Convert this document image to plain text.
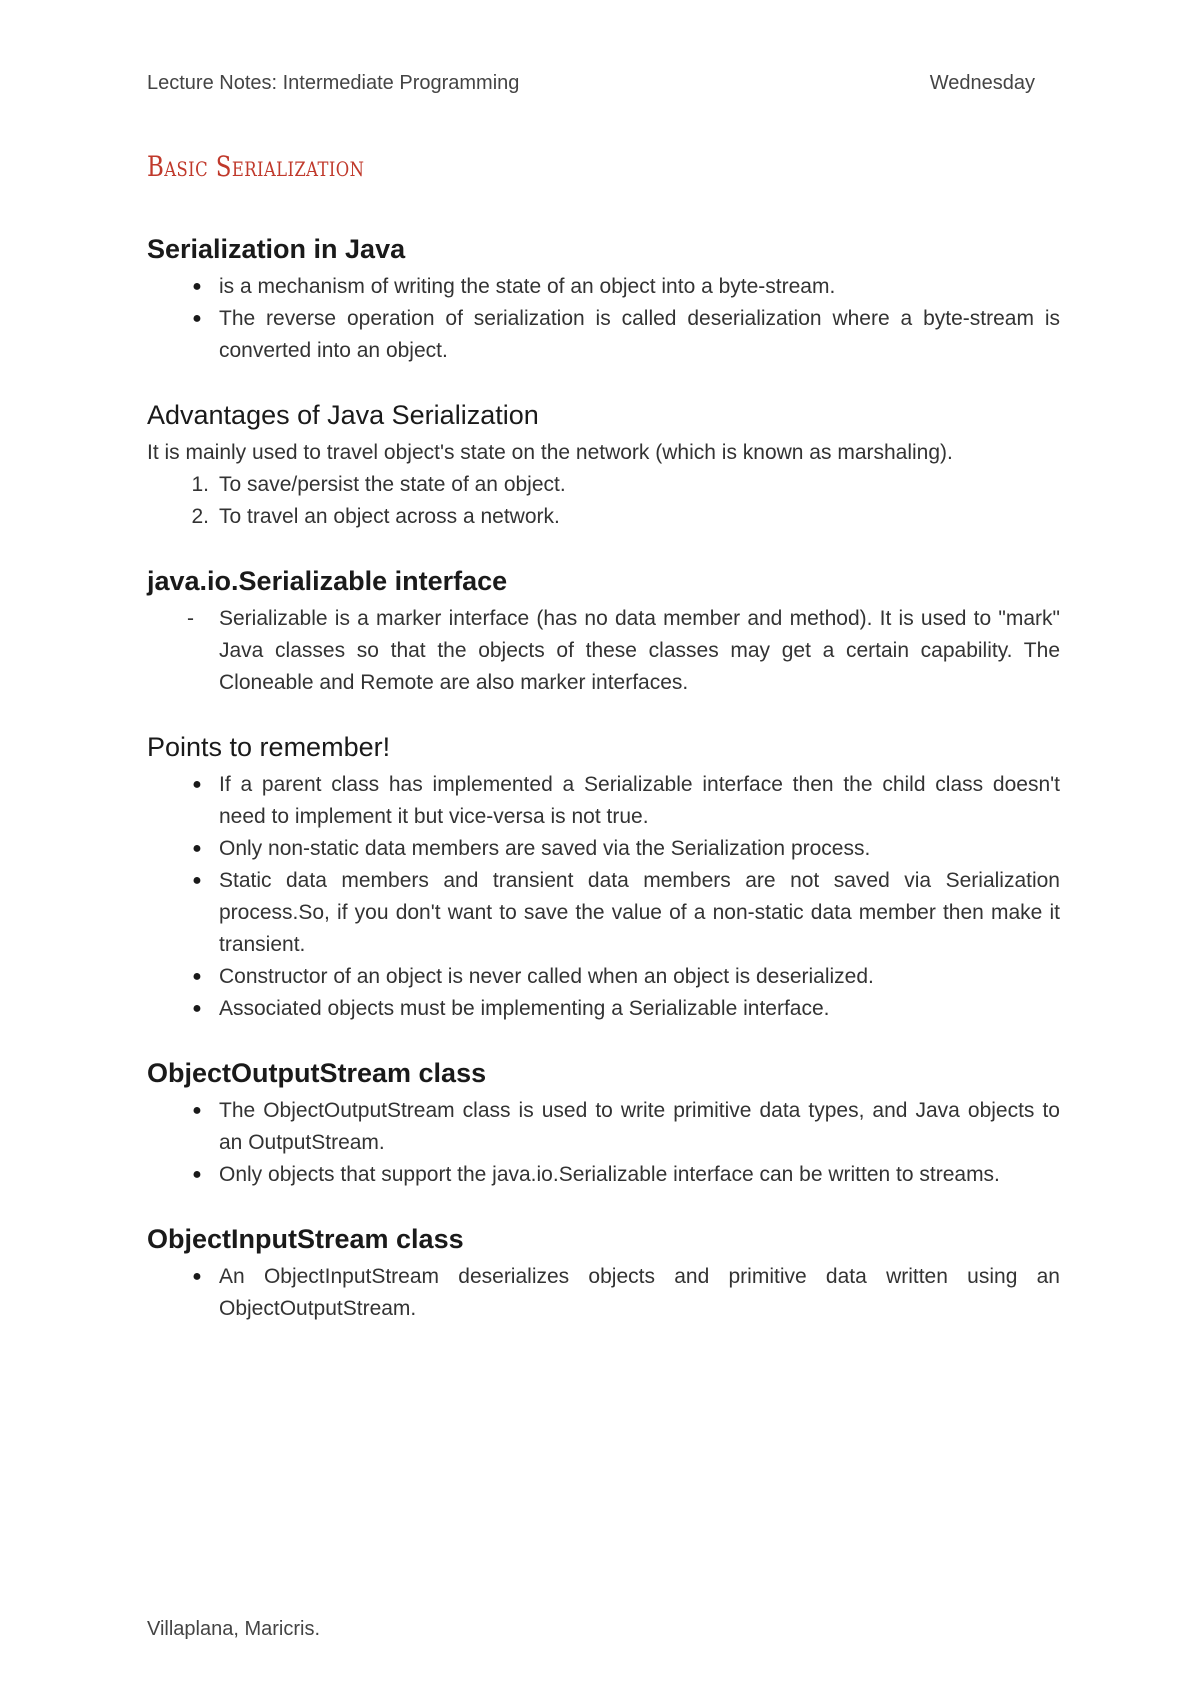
Lecture Notes: Intermediate Programming	Wednesday
Basic Serialization
Serialization in Java
● is a mechanism of writing the state of an object into a byte-stream.
● The reverse operation of serialization is called deserialization where a byte-stream is converted into an object.
Advantages of Java Serialization

It is mainly used to travel object's state on the network (which is known as marshaling).

1. To save/persist the state of an object.
2. To travel an object across a network.
java.io.Serializable interface
- Serializable is a marker interface (has no data member and method). It is used to "mark" Java classes so that the objects of these classes may get a certain capability. The Cloneable and Remote are also marker interfaces.
Points to remember!
● If a parent class has implemented a Serializable interface then the child class doesn't need to implement it but vice-versa is not true.
● Only non-static data members are saved via the Serialization process.
● Static data members and transient data members are not saved via Serialization process.So, if you don't want to save the value of a non-static data member then make it transient.
● Constructor of an object is never called when an object is deserialized.
● Associated objects must be implementing a Serializable interface.
ObjectOutputStream class
● The ObjectOutputStream class is used to write primitive data types, and Java objects to an OutputStream.
● Only objects that support the java.io.Serializable interface can be written to streams.
ObjectInputStream class
● An ObjectInputStream deserializes objects and primitive data written using an ObjectOutputStream.
Villaplana, Maricris.
